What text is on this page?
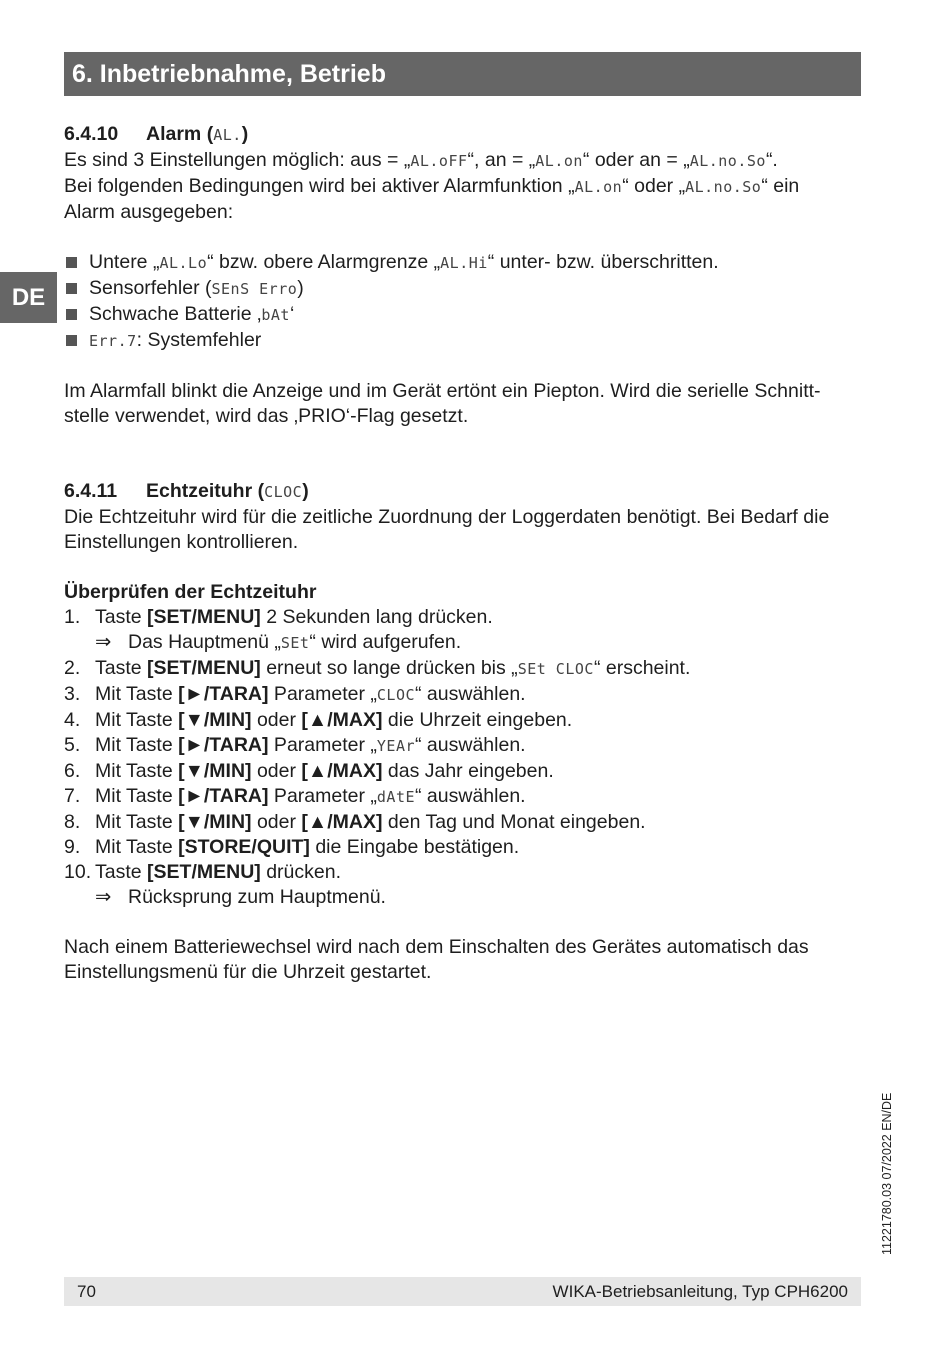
6. Inbetriebnahme, Betrieb
DE
6.4.10 Alarm (AL.)
Es sind 3 Einstellungen möglich: aus = „AL.oFF“, an = „AL.on“ oder an = „AL.no.So“.
Bei folgenden Bedingungen wird bei aktiver Alarmfunktion „AL.on“ oder „AL.no.So“ ein
Alarm ausgegeben:
Untere „AL.Lo“ bzw. obere Alarmgrenze „AL.Hi“ unter- bzw. überschritten.
Sensorfehler (SEnS Erro)
Schwache Batterie ‚bAt‘
Err.7: Systemfehler
Im Alarmfall blinkt die Anzeige und im Gerät ertönt ein Piepton. Wird die serielle Schnitt-
stelle verwendet, wird das ‚PRIO‘-Flag gesetzt.
6.4.11 Echtzeituhr (CLOC)
Die Echtzeituhr wird für die zeitliche Zuordnung der Loggerdaten benötigt. Bei Bedarf die
Einstellungen kontrollieren.
Überprüfen der Echtzeituhr
1. Taste [SET/MENU] 2 Sekunden lang drücken.
⇒ Das Hauptmenü „SEt“ wird aufgerufen.
2. Taste [SET/MENU] erneut so lange drücken bis „SEt CLOC“ erscheint.
3. Mit Taste [►/TARA] Parameter „CLOC“ auswählen.
4. Mit Taste [▼/MIN] oder [▲/MAX] die Uhrzeit eingeben.
5. Mit Taste [►/TARA] Parameter „YEAr“ auswählen.
6. Mit Taste [▼/MIN] oder [▲/MAX] das Jahr eingeben.
7. Mit Taste [►/TARA] Parameter „dAtE“ auswählen.
8. Mit Taste [▼/MIN] oder [▲/MAX] den Tag und Monat eingeben.
9. Mit Taste [STORE/QUIT] die Eingabe bestätigen.
10. Taste [SET/MENU] drücken.
⇒ Rücksprung zum Hauptmenü.
Nach einem Batteriewechsel wird nach dem Einschalten des Gerätes automatisch das
Einstellungsmenü für die Uhrzeit gestartet.
11221780.03 07/2022 EN/DE
70	WIKA-Betriebsanleitung, Typ CPH6200
